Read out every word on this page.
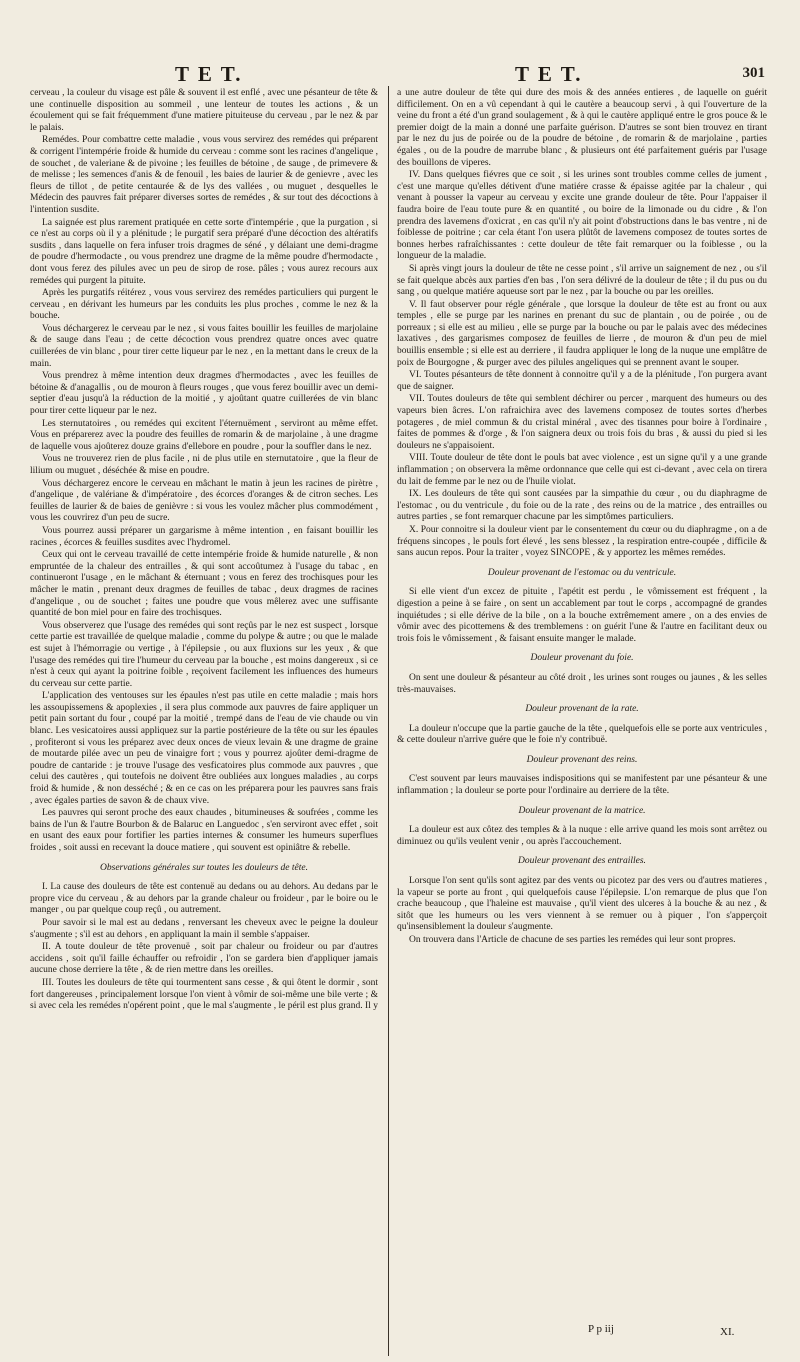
T E T.	T E T.	301

cerveau , la couleur du visage est pâle & souvent il est enflé , avec une pésanteur de tête & une continuelle disposition au sommeil , une lenteur de toutes les actions , & un écoulement qui se fait fréquemment d'une matiere pituiteuse du cerveau , par le nez & par le palais.

Remédes. Pour combattre cette maladie , vous vous servirez des remédes qui préparent & corrigent l'intempérie froide & humide du cerveau : comme sont les racines d'angelique , de souchet , de valeriane & de pivoine ; les feuilles de bétoine , de sauge , de primevere & de melisse ; les semences d'anis & de fenouil , les baies de laurier & de genievre , avec les fleurs de tillot , de petite centaurée & de lys des vallées , ou muguet , desquelles le Médecin des pauvres fait préparer diverses sortes de remédes , & sur tout des décoctions à l'intention susdite.

La saignée est plus rarement pratiquée en cette sorte d'intempérie , que la purgation , si ce n'est au corps où il y a plénitude ; le purgatif sera préparé d'une décoction des altératifs susdits , dans laquelle on fera infuser trois dragmes de séné , y délaiant une demi-dragme de poudre d'hermodacte , ou vous prendrez une dragme de la même poudre d'hermodacte , dont vous ferez des pilules avec un peu de sirop de rose. pâles ; vous aurez recours aux remédes qui purgent la pituite.

Après les purgatifs réitérez , vous vous servirez des remédes particuliers qui purgent le cerveau , en dérivant les humeurs par les conduits les plus proches , comme le nez & la bouche.

Vous déchargerez le cerveau par le nez , si vous faites bouillir les feuilles de marjolaine & de sauge dans l'eau ; de cette décoction vous prendrez quatre onces avec quatre cuillerées de vin blanc , pour tirer cette liqueur par le nez , en la mettant dans le creux de la main.

Vous prendrez à même intention deux dragmes d'hermodactes , avec les feuilles de bétoine & d'anagallis , ou de mouron à fleurs rouges , que vous ferez bouillir avec un demi-septier d'eau jusqu'à la réduction de la moitié , y ajoûtant quatre cuillerées de vin blanc pour tirer cette liqueur par le nez.

Les sternutatoires , ou remédes qui excitent l'éternuëment , serviront au même effet. Vous en préparerez avec la poudre des feuilles de romarin & de marjolaine , à une dragme de laquelle vous ajoûterez douze grains d'ellebore en poudre , pour la souffler dans le nez.

Vous ne trouverez rien de plus facile , ni de plus utile en sternutatoire , que la fleur de lilium ou muguet , déséchée & mise en poudre.

Vous déchargerez encore le cerveau en mâchant le matin à jeun les racines de pirètre , d'angelique , de valériane & d'impératoire , des écorces d'oranges & de citron seches. Les feuilles de laurier & de baies de genièvre : si vous les voulez mâcher plus commodément , vous les couvrirez d'un peu de sucre.

Vous pourrez aussi préparer un gargarisme à même intention , en faisant bouillir les racines , écorces & feuilles susdites avec l'hydromel.

Ceux qui ont le cerveau travaillé de cette intempérie froide & humide naturelle , & non empruntée de la chaleur des entrailles , & qui sont accoûtumez à l'usage du tabac , en continueront l'usage , en le mâchant & éternuant ; vous en ferez des trochisques pour les mâcher le matin , prenant deux dragmes de feuilles de tabac , deux dragmes de racines d'angelique , ou de souchet ; faites une poudre que vous mêlerez avec une suffisante quantité de bon miel pour en faire des trochisques.

Vous observerez que l'usage des remédes qui sont reçûs par le nez est suspect , lorsque cette partie est travaillée de quelque maladie , comme du polype & autre ; ou que le malade est sujet à l'hémorragie ou vertige , à l'épilepsie , ou aux fluxions sur les yeux , & que l'usage des remédes qui tire l'humeur du cerveau par la bouche , est moins dangereux , si ce n'est à ceux qui ayant la poitrine foible , reçoivent facilement les influences des humeurs du cerveau sur cette partie.

L'application des ventouses sur les épaules n'est pas utile en cette maladie ; mais hors les assoupissemens & apoplexies , il sera plus commode aux pauvres de faire appliquer un petit pain sortant du four , coupé par la moitié , trempé dans de l'eau de vie chaude ou vin blanc. Les vesicatoires aussi appliquez sur la partie postérieure de la tête ou sur les épaules , profiteront si vous les préparez avec deux onces de vieux levain & une dragme de graine de moutarde pilée avec un peu de vinaigre fort ; vous y pourrez ajoûter demi-dragme de poudre de cantaride : je trouve l'usage des vesficatoires plus commode aux pauvres , que celui des cautères , qui toutefois ne doivent être oubliées aux longues maladies , au corps froid & humide , & non desséché ; & en ce cas on les préparera pour les pauvres sans frais , avec égales parties de savon & de chaux vive.

Les pauvres qui seront proche des eaux chaudes , bitumineuses & soufrées , comme les bains de l'un & l'autre Bourbon & de Balaruc en Languedoc , s'en serviront avec effet , soit en usant des eaux pour fortifier les parties internes & consumer les humeurs superflues froides , soit aussi en recevant la douce matiere , qui souvent est opiniâtre & rebelle.

Observations générales sur toutes les douleurs de tête.

I. La cause des douleurs de tête est contenuë au dedans ou au dehors. Au dedans par le propre vice du cerveau , & au dehors par la grande chaleur ou froideur , par le boire ou le manger , ou par quelque coup reçû , ou autrement.

Pour savoir si le mal est au dedans , renversant les cheveux avec le peigne la douleur s'augmente ; s'il est au dehors , en appliquant la main il semble s'appaiser.

II. A toute douleur de tête provenuë , soit par chaleur ou froideur ou par d'autres accidens , soit qu'il faille échauffer ou refroidir , l'on se gardera bien d'appliquer jamais aucune chose derriere la tête , & de rien mettre dans les oreilles.

III. Toutes les douleurs de tête qui tourmentent sans cesse , & qui ôtent le dormir , sont fort dangereuses , principalement lorsque l'on vient à vômir de soi-même une bile verte ; & si avec cela les remédes n'opérent point , que le mal s'augmente , le péril est plus grand. Il y

a une autre douleur de tête qui dure des mois & des années entieres , de laquelle on guérit difficilement. On en a vû cependant à qui le cautère a beaucoup servi , à qui l'ouverture de la veine du front a été d'un grand soulagement , & à qui le cautère appliqué entre le gros pouce & le premier doigt de la main a donné une parfaite guérison. D'autres se sont bien trouvez en tirant par le nez du jus de poirée ou de la poudre de bétoine , de romarin & de marjolaine , parties égales , ou de la poudre de marrube blanc , & plusieurs ont été parfaitement guéris par l'usage des bouillons de viperes.

IV. Dans quelques fiévres que ce soit , si les urines sont troubles comme celles de jument , c'est une marque qu'elles détivent d'une matiére crasse & épaisse agitée par la chaleur , qui venant à pousser la vapeur au cerveau y excite une grande douleur de tête. Pour l'appaiser il faudra boire de l'eau toute pure & en quantité , ou boire de la limonade ou du cidre , & l'on prendra des lavemens d'oxicrat , en cas qu'il n'y ait point d'obstructions dans le bas ventre , ni de foiblesse de poitrine ; car cela étant l'on usera plûtôt de lavemens composez de toutes sortes de bonnes herbes rafraîchissantes : cette douleur de tête fait remarquer ou la foiblesse , ou la longueur de la maladie.

Si après vingt jours la douleur de tête ne cesse point , s'il arrive un saignement de nez , ou s'il se fait quelque abcès aux parties d'en bas , l'on sera délivré de la douleur de tête ; il du pus ou du sang , ou quelque matiére aqueuse sort par le nez , par la bouche ou par les oreilles.

V. Il faut observer pour régle générale , que lorsque la douleur de tête est au front ou aux temples , elle se purge par les narines en prenant du suc de plantain , ou de poirée , ou de porreaux ; si elle est au milieu , elle se purge par la bouche ou par le palais avec des médecines laxatives , des gargarismes composez de feuilles de lierre , de mouron & d'un peu de miel bouillis ensemble ; si elle est au derriere , il faudra appliquer le long de la nuque une emplâtre de poix de Bourgogne , & purger avec des pilules angeliques qui se prennent avant le souper.

VI. Toutes pésanteurs de tête donnent à connoitre qu'il y a de la plénitude , l'on purgera avant que de saigner.

VII. Toutes douleurs de tête qui semblent déchirer ou percer , marquent des humeurs ou des vapeurs bien âcres. L'on rafraichira avec des lavemens composez de toutes sortes d'herbes potageres , de miel commun & du cristal minéral , avec des tisannes pour boire à l'ordinaire , faites de pommes & d'orge , & l'on saignera deux ou trois fois du bras , & aussi du pied si les douleurs ne s'appaisoient.

VIII. Toute douleur de tête dont le pouls bat avec violence , est un signe qu'il y a une grande inflammation ; on observera la même ordonnance que celle qui est ci-devant , avec cela on tirera du lait de femme par le nez ou de l'huile violat.

IX. Les douleurs de tête qui sont causées par la simpathie du cœur , ou du diaphragme de l'estomac , ou du ventricule , du foie ou de la rate , des reins ou de la matrice , des entrailles ou autres parties , se font remarquer chacune par les simptômes particuliers.

X. Pour connoitre si la douleur vient par le consentement du cœur ou du diaphragme , on a de fréquens sincopes , le pouls fort élevé , les sens blessez , la respiration entre-coupée , difficile & sans aucun repos. Pour la traiter , voyez SINCOPE , & y apportez les mêmes remédes.

Douleur provenant de l'estomac ou du ventricule.

Si elle vient d'un excez de pituite , l'apétit est perdu , le vômissement est fréquent , la digestion a peine à se faire , on sent un accablement par tout le corps , accompagné de grandes inquiétudes ; si elle dérive de la bile , on a la bouche extrêmement amere , on a des envies de vômir avec des picottemens & des tremblemens : on guérit l'une & l'autre en facilitant deux ou trois fois le vômissement , & faisant ensuite manger le malade.

Douleur provenant du foie.

On sent une douleur & pésanteur au côté droit , les urines sont rouges ou jaunes , & les selles très-mauvaises.

Douleur provenant de la rate.

La douleur n'occupe que la partie gauche de la tête , quelquefois elle se porte aux ventricules , & cette douleur n'arrive guére que le foie n'y contribuë.

Douleur provenant des reins.

C'est souvent par leurs mauvaises indispositions qui se manifestent par une pésanteur & une inflammation ; la douleur se porte pour l'ordinaire au derriere de la tête.

Douleur provenant de la matrice.

La douleur est aux côtez des temples & à la nuque : elle arrive quand les mois sont arrêtez ou diminuez ou qu'ils veulent venir , ou après l'accouchement.

Douleur provenant des entrailles.

Lorsque l'on sent qu'ils sont agitez par des vents ou picotez par des vers ou d'autres matieres , la vapeur se porte au front , qui quelquefois cause l'épilepsie. L'on remarque de plus que l'on crache beaucoup , que l'haleine est mauvaise , qu'il vient des ulceres à la bouche & au nez , & sitôt que les humeurs ou les vers viennent à se remuer ou à piquer , l'on s'apperçoit qu'insensiblement la douleur s'augmente.

On trouvera dans l'Article de chacune de ses parties les remédes qui leur sont propres.

P p iij	XI.
